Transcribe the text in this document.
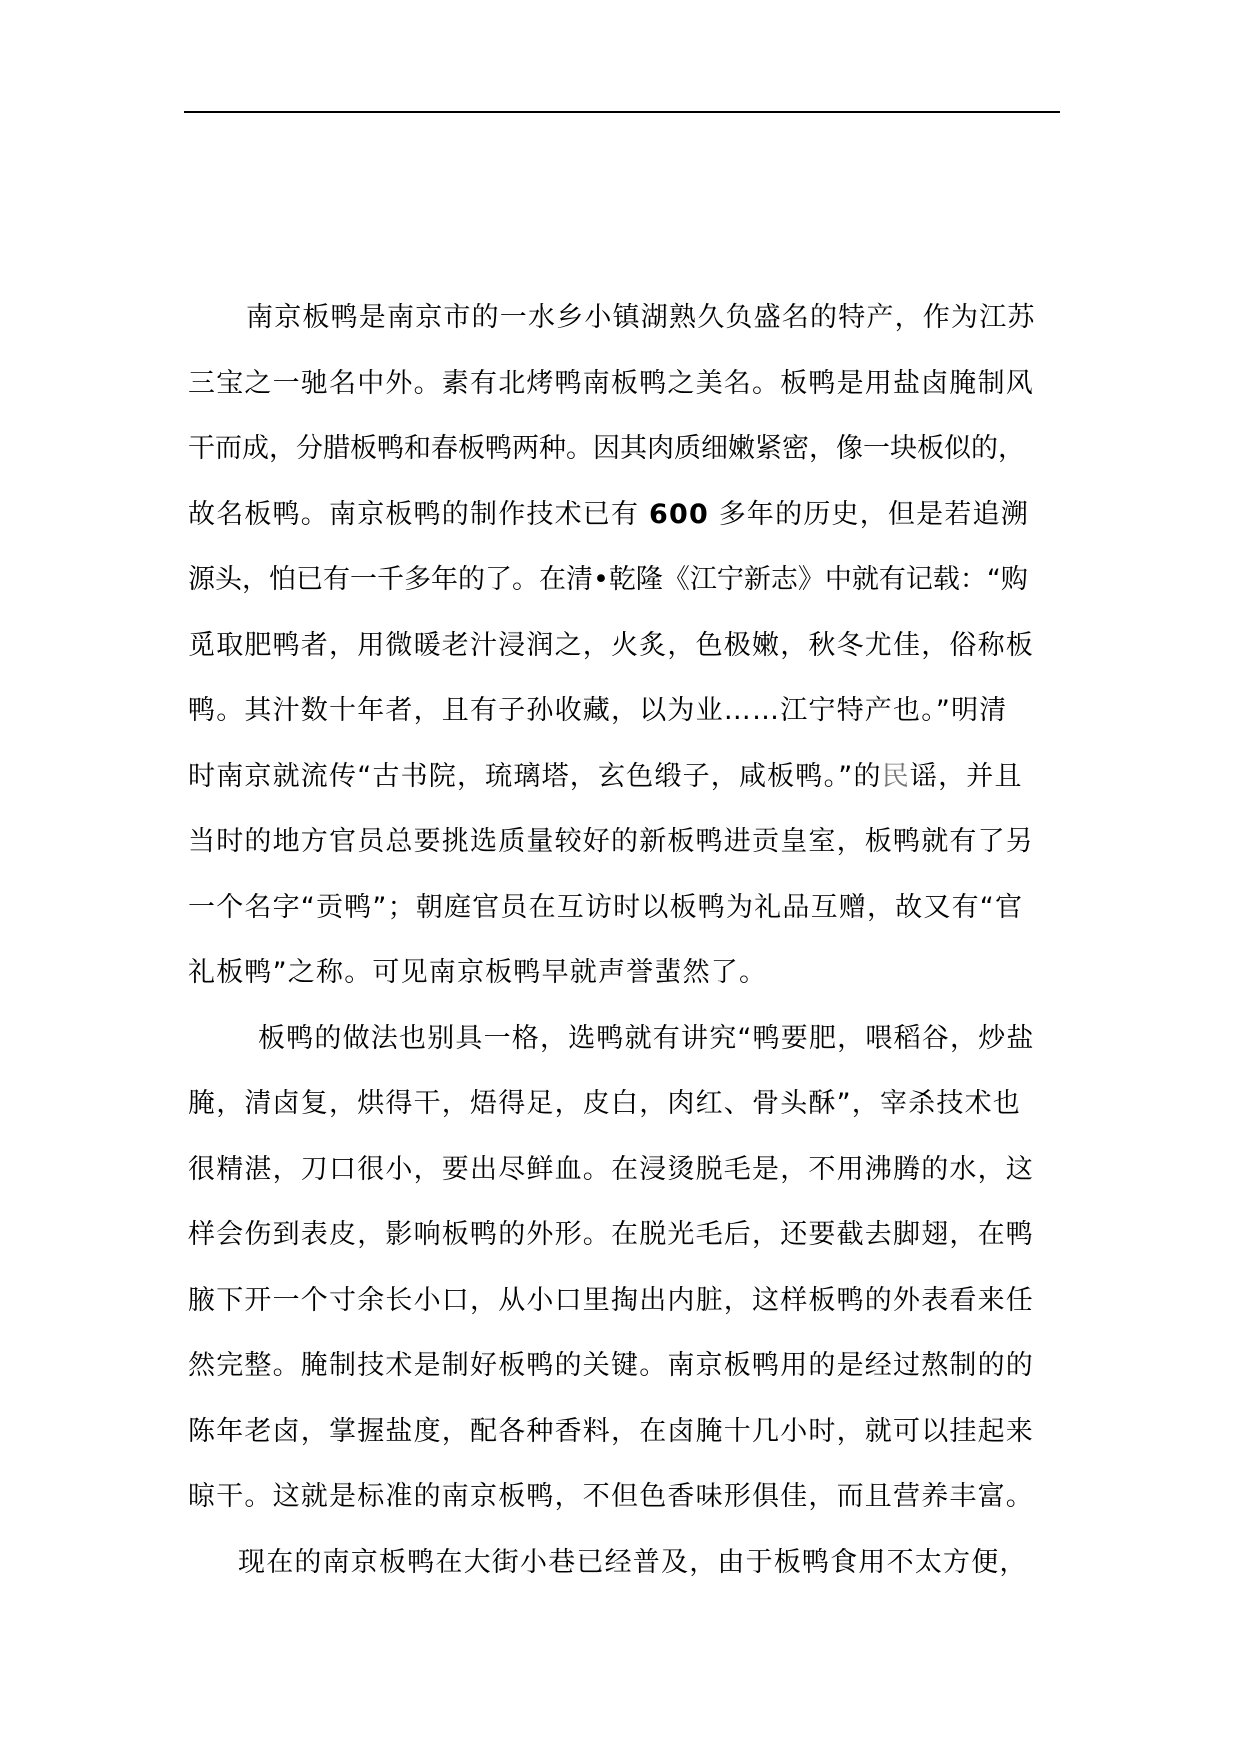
南京板鸭是南京市的一水乡小镇湖熟久负盛名的特产，作为江苏
三宝之一驰名中外。素有北烤鸭南板鸭之美名。板鸭是用盐卤腌制风
干而成，分腊板鸭和春板鸭两种。因其肉质细嫩紧密，像一块板似的，
故名板鸭。南京板鸭的制作技术已有 600 多年的历史，但是若追溯
源头，怕已有一千多年的了。在清•乾隆《江宁新志》中就有记载：“购
觅取肥鸭者，用微暖老汁浸润之，火炙，色极嫩，秋冬尤佳，俗称板
鸭。其汁数十年者，且有子孙收藏，以为业……江宁特产也。”明清
时南京就流传“古书院，琉璃塔，玄色缎子，咸板鸭。”的民谣，并且
当时的地方官员总要挑选质量较好的新板鸭进贡皇室，板鸭就有了另
一个名字“贡鸭”；朝庭官员在互访时以板鸭为礼品互赠，故又有“官
礼板鸭”之称。可见南京板鸭早就声誉蜚然了。
板鸭的做法也别具一格，选鸭就有讲究“鸭要肥，喂稻谷，炒盐
腌，清卤复，烘得干，焐得足，皮白，肉红、骨头酥”，宰杀技术也
很精湛，刀口很小，要出尽鲜血。在浸烫脱毛是，不用沸腾的水，这
样会伤到表皮，影响板鸭的外形。在脱光毛后，还要截去脚翅，在鸭
腋下开一个寸余长小口，从小口里掏出内脏，这样板鸭的外表看来任
然完整。腌制技术是制好板鸭的关键。南京板鸭用的是经过熬制的的
陈年老卤，掌握盐度，配各种香料，在卤腌十几小时，就可以挂起来
晾干。这就是标准的南京板鸭，不但色香味形俱佳，而且营养丰富。
现在的南京板鸭在大街小巷已经普及，由于板鸭食用不太方便，
